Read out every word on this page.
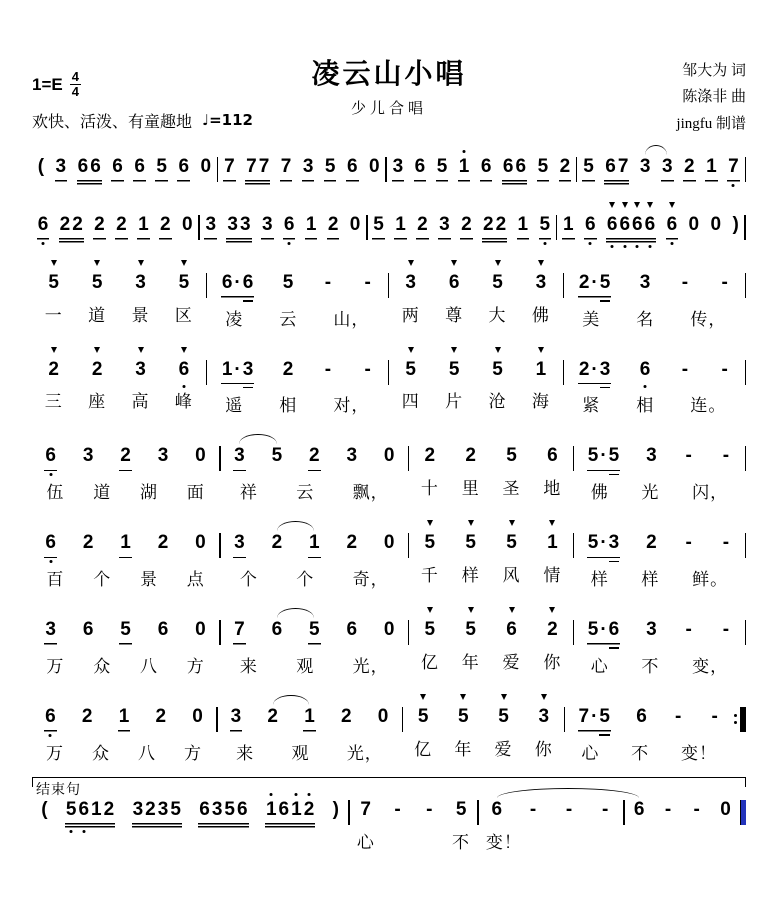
$1=E \frac{4}{4}$
欢快、活泼、有童趣地 ♩=112
凌云山小唱
少儿合唱
邹大为 词
陈涤非 曲
jingfu 制谱
( 3 6 6 6 6 5 6 0 7 7 7 7 3 5 6 0 3 6 5 1 6 6 6 5 2 5 6 7 3 3 2 1 7
6 2 2 2 2 1 2 0 3 3 3 3 6 1 2 0 5 1 2 3 2 2 2 1 5 1 6 6 6 6 6 6 0 0 )
5 5 3 5
一 道 景 区
6 · 6 5 - -
凌 云 山，
3 6 5 3
两 尊 大 佛
2 · 5 3 - -
美 名 传，
2 2 3 6
三 座 高 峰
1 · 3 2 - -
遥 相 对，
5 5 5 1
四 片 沧 海
2 · 3 6 - -
紧 相 连。
6 3 2 3 0
伍 道 湖 面
3 5 2 3 0
祥 云 飘，
2 2 5 6
十 里 圣 地
5 · 5 3 - -
佛 光 闪，
6 2 1 2 0
百 个 景 点
3 2 1 2 0
个 个 奇，
5 5 5 1
千 样 风 情
5 · 3 2 - -
样 样 鲜。
3 6 5 6 0
万 众 八 方
7 6 5 6 0
来 观 光，
5 5 6 2
亿 年 爱 你
5 · 6 3 - -
心 不 变，
6 2 1 2 0
万 众 八 方
3 2 1 2 0
来 观 光，
5 5 5 3
亿 年 爱 你
7 · 5 6 - -
心 不 变！
结束句
( 5 6 1 2 3 2 3 5 6 3 5 6 1 6 1 2 ) 7 - - 5
心	不
6 - - -
变！
6 - - 0
